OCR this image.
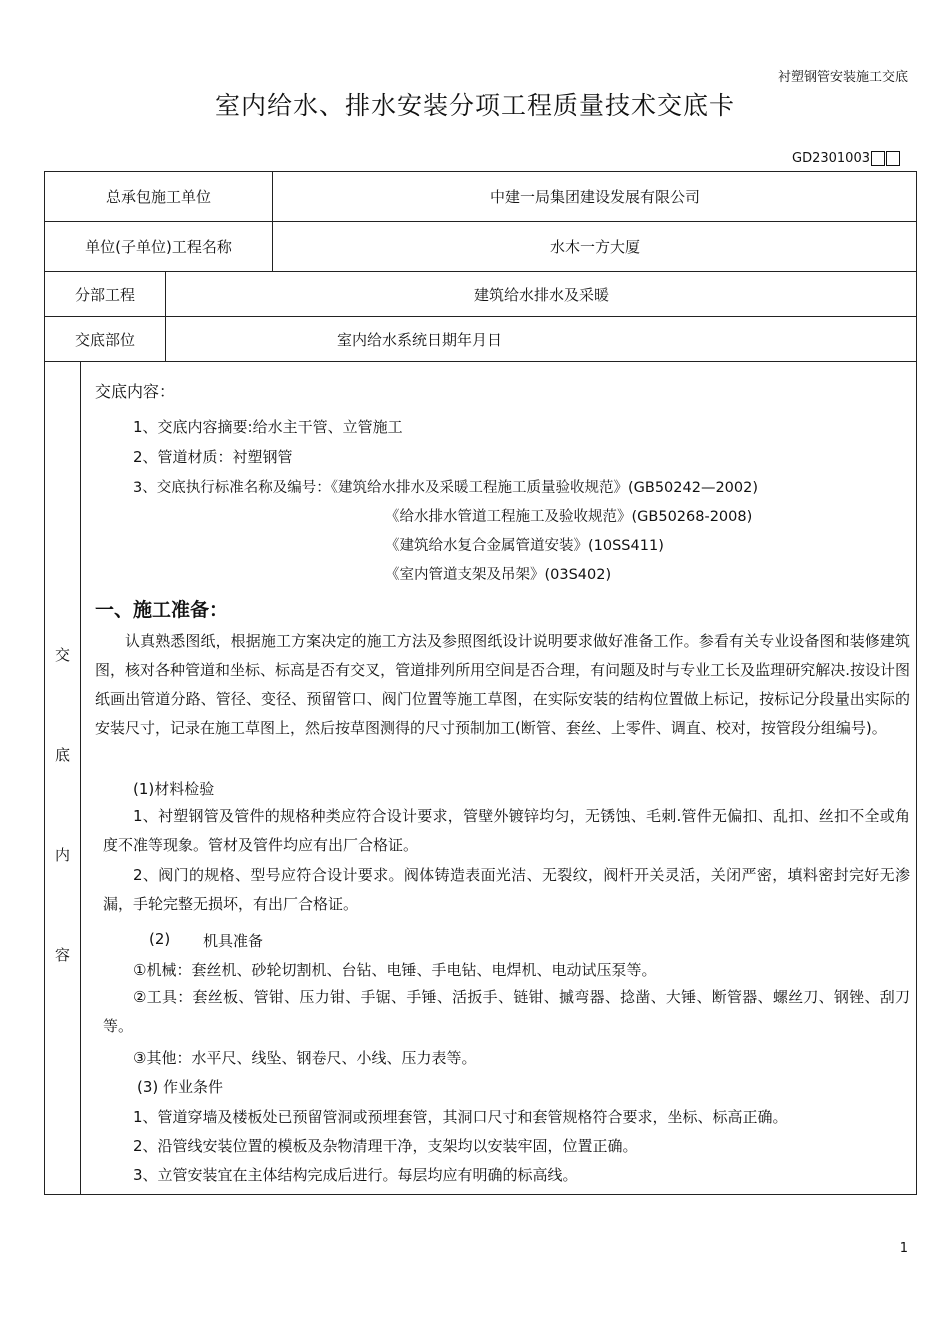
衬塑钢管安装施工交底
室内给水、排水安装分项工程质量技术交底卡
GD2301003
总承包施工单位	中建一局集团建设发展有限公司
单位(子单位)工程名称	水木一方大厦
分部工程	建筑给水排水及采暖
交底部位	室内给水系统日期年月日
交
底
内
容
交底内容：
1、交底内容摘要:给水主干管、立管施工
2、管道材质：衬塑钢管
3、交底执行标准名称及编号：《建筑给水排水及采暖工程施工质量验收规范》(GB50242—2002)
《给水排水管道工程施工及验收规范》(GB50268-2008)
《建筑给水复合金属管道安装》(10SS411)
《室内管道支架及吊架》(03S402)
一、施工准备：
认真熟悉图纸，根据施工方案决定的施工方法及参照图纸设计说明要求做好准备工作。参看有关专业设备图和装修建筑图，核对各种管道和坐标、标高是否有交叉，管道排列所用空间是否合理，有问题及时与专业工长及监理研究解决.按设计图纸画出管道分路、管径、变径、预留管口、阀门位置等施工草图，在实际安装的结构位置做上标记，按标记分段量出实际的安装尺寸，记录在施工草图上，然后按草图测得的尺寸预制加工(断管、套丝、上零件、调直、校对，按管段分组编号)。
(1)材料检验
1、衬塑钢管及管件的规格种类应符合设计要求，管壁外镀锌均匀，无锈蚀、毛刺.管件无偏扣、乱扣、丝扣不全或角度不准等现象。管材及管件均应有出厂合格证。
2、阀门的规格、型号应符合设计要求。阀体铸造表面光洁、无裂纹，阀杆开关灵活，关闭严密，填料密封完好无渗漏，手轮完整无损坏，有出厂合格证。
(2) 机具准备
①机械：套丝机、砂轮切割机、台钻、电锤、手电钻、电焊机、电动试压泵等。
②工具：套丝板、管钳、压力钳、手锯、手锤、活扳手、链钳、摵弯器、捻凿、大锤、断管器、螺丝刀、钢锉、刮刀等。
③其他：水平尺、线坠、钢卷尺、小线、压力表等。
(3) 作业条件
1、管道穿墙及楼板处已预留管洞或预埋套管，其洞口尺寸和套管规格符合要求，坐标、标高正确。
2、沿管线安装位置的模板及杂物清理干净，支架均以安装牢固，位置正确。
3、立管安装宜在主体结构完成后进行。每层均应有明确的标高线。
1
